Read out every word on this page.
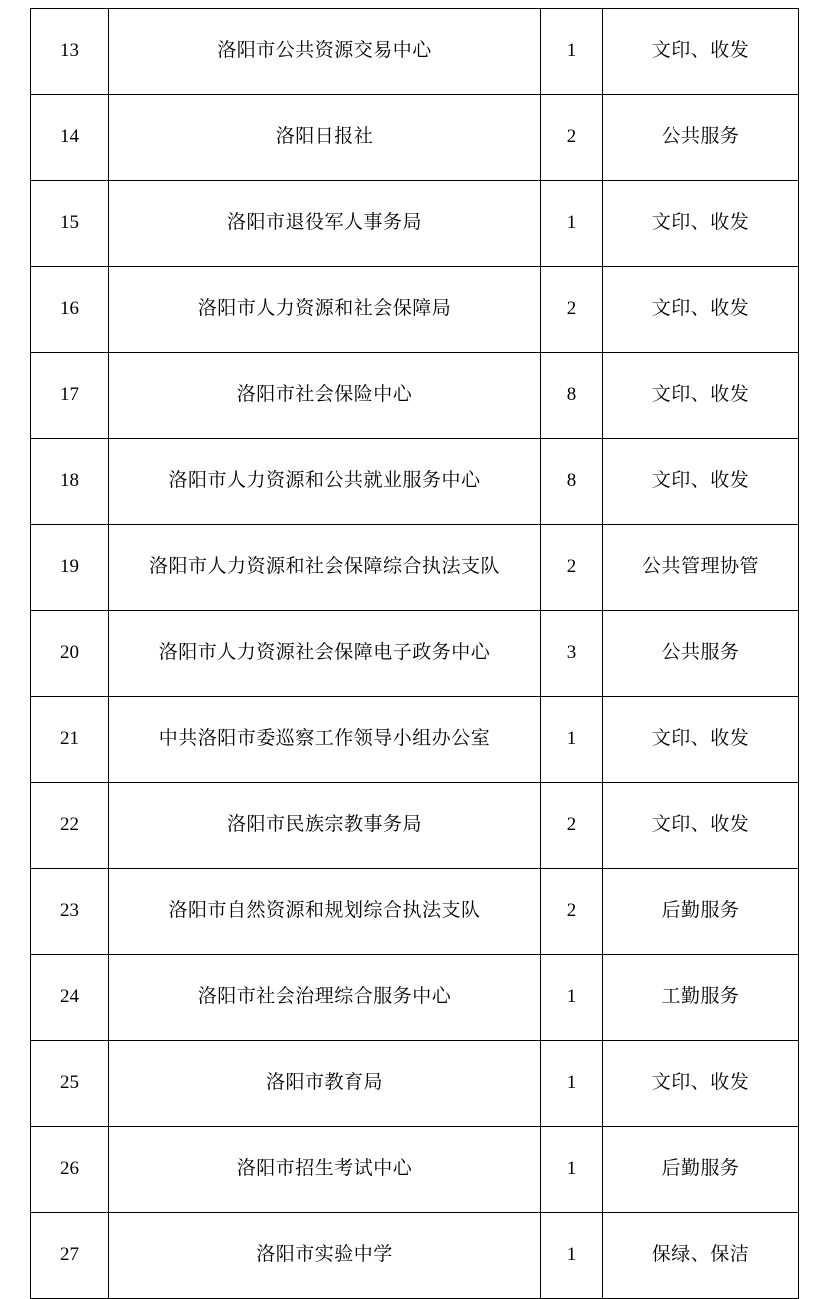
13	洛阳市公共资源交易中心	1	文印、收发
14	洛阳日报社	2	公共服务
15	洛阳市退役军人事务局	1	文印、收发
16	洛阳市人力资源和社会保障局	2	文印、收发
17	洛阳市社会保险中心	8	文印、收发
18	洛阳市人力资源和公共就业服务中心	8	文印、收发
19	洛阳市人力资源和社会保障综合执法支队	2	公共管理协管
20	洛阳市人力资源社会保障电子政务中心	3	公共服务
21	中共洛阳市委巡察工作领导小组办公室	1	文印、收发
22	洛阳市民族宗教事务局	2	文印、收发
23	洛阳市自然资源和规划综合执法支队	2	后勤服务
24	洛阳市社会治理综合服务中心	1	工勤服务
25	洛阳市教育局	1	文印、收发
26	洛阳市招生考试中心	1	后勤服务
27	洛阳市实验中学	1	保绿、保洁
